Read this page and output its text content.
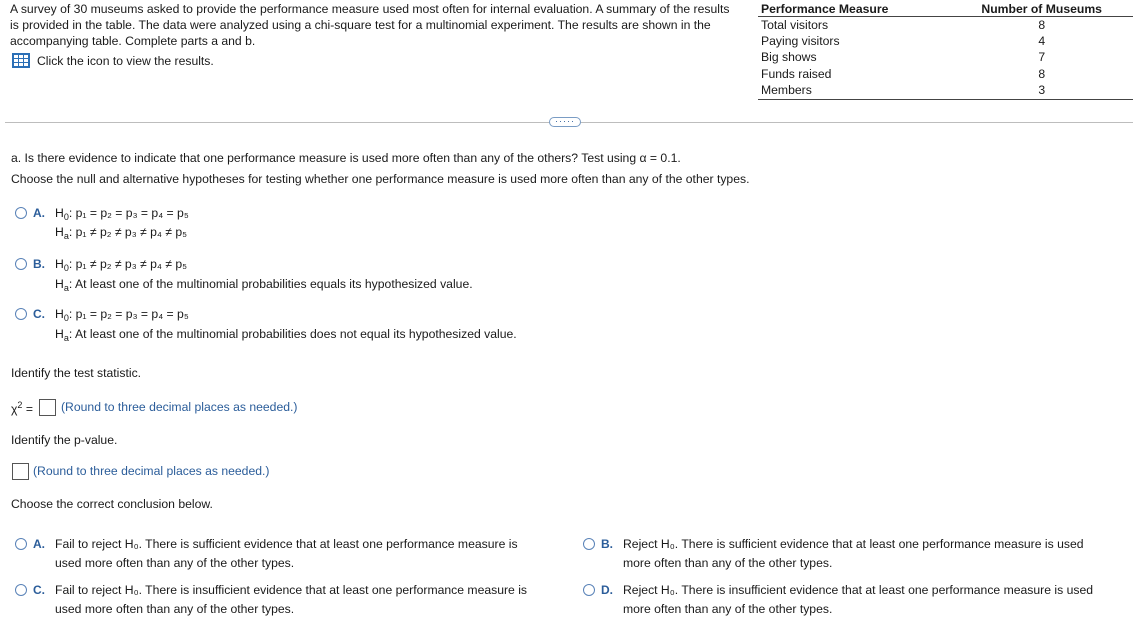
A survey of 30 museums asked to provide the performance measure used most often for internal evaluation. A summary of the results is provided in the table. The data were analyzed using a chi-square test for a multinomial experiment. The results are shown in the accompanying table. Complete parts a and b.
Click the icon to view the results.
Performance Measure	Number of Museums
Total visitors	8
Paying visitors	4
Big shows	7
Funds raised	8
Members	3
·····
a. Is there evidence to indicate that one performance measure is used more often than any of the others? Test using α = 0.1.
Choose the null and alternative hypotheses for testing whether one performance measure is used more often than any of the other types.
A. $H_0$: p₁ = p₂ = p₃ = p₄ = p₅
$H_a$: p₁ ≠ p₂ ≠ p₃ ≠ p₄ ≠ p₅
B. $H_0$: p₁ ≠ p₂ ≠ p₃ ≠ p₄ ≠ p₅
$H_a$: At least one of the multinomial probabilities equals its hypothesized value.
C. $H_0$: p₁ = p₂ = p₃ = p₄ = p₅
$H_a$: At least one of the multinomial probabilities does not equal its hypothesized value.
Identify the test statistic.
$\chi^2$ = (Round to three decimal places as needed.)
Identify the p-value.
(Round to three decimal places as needed.)
Choose the correct conclusion below.
A. Fail to reject H₀. There is sufficient evidence that at least one performance measure is
used more often than any of the other types.
B. Reject H₀. There is sufficient evidence that at least one performance measure is used
more often than any of the other types.
C. Fail to reject H₀. There is insufficient evidence that at least one performance measure is
used more often than any of the other types.
D. Reject H₀. There is insufficient evidence that at least one performance measure is used
more often than any of the other types.
